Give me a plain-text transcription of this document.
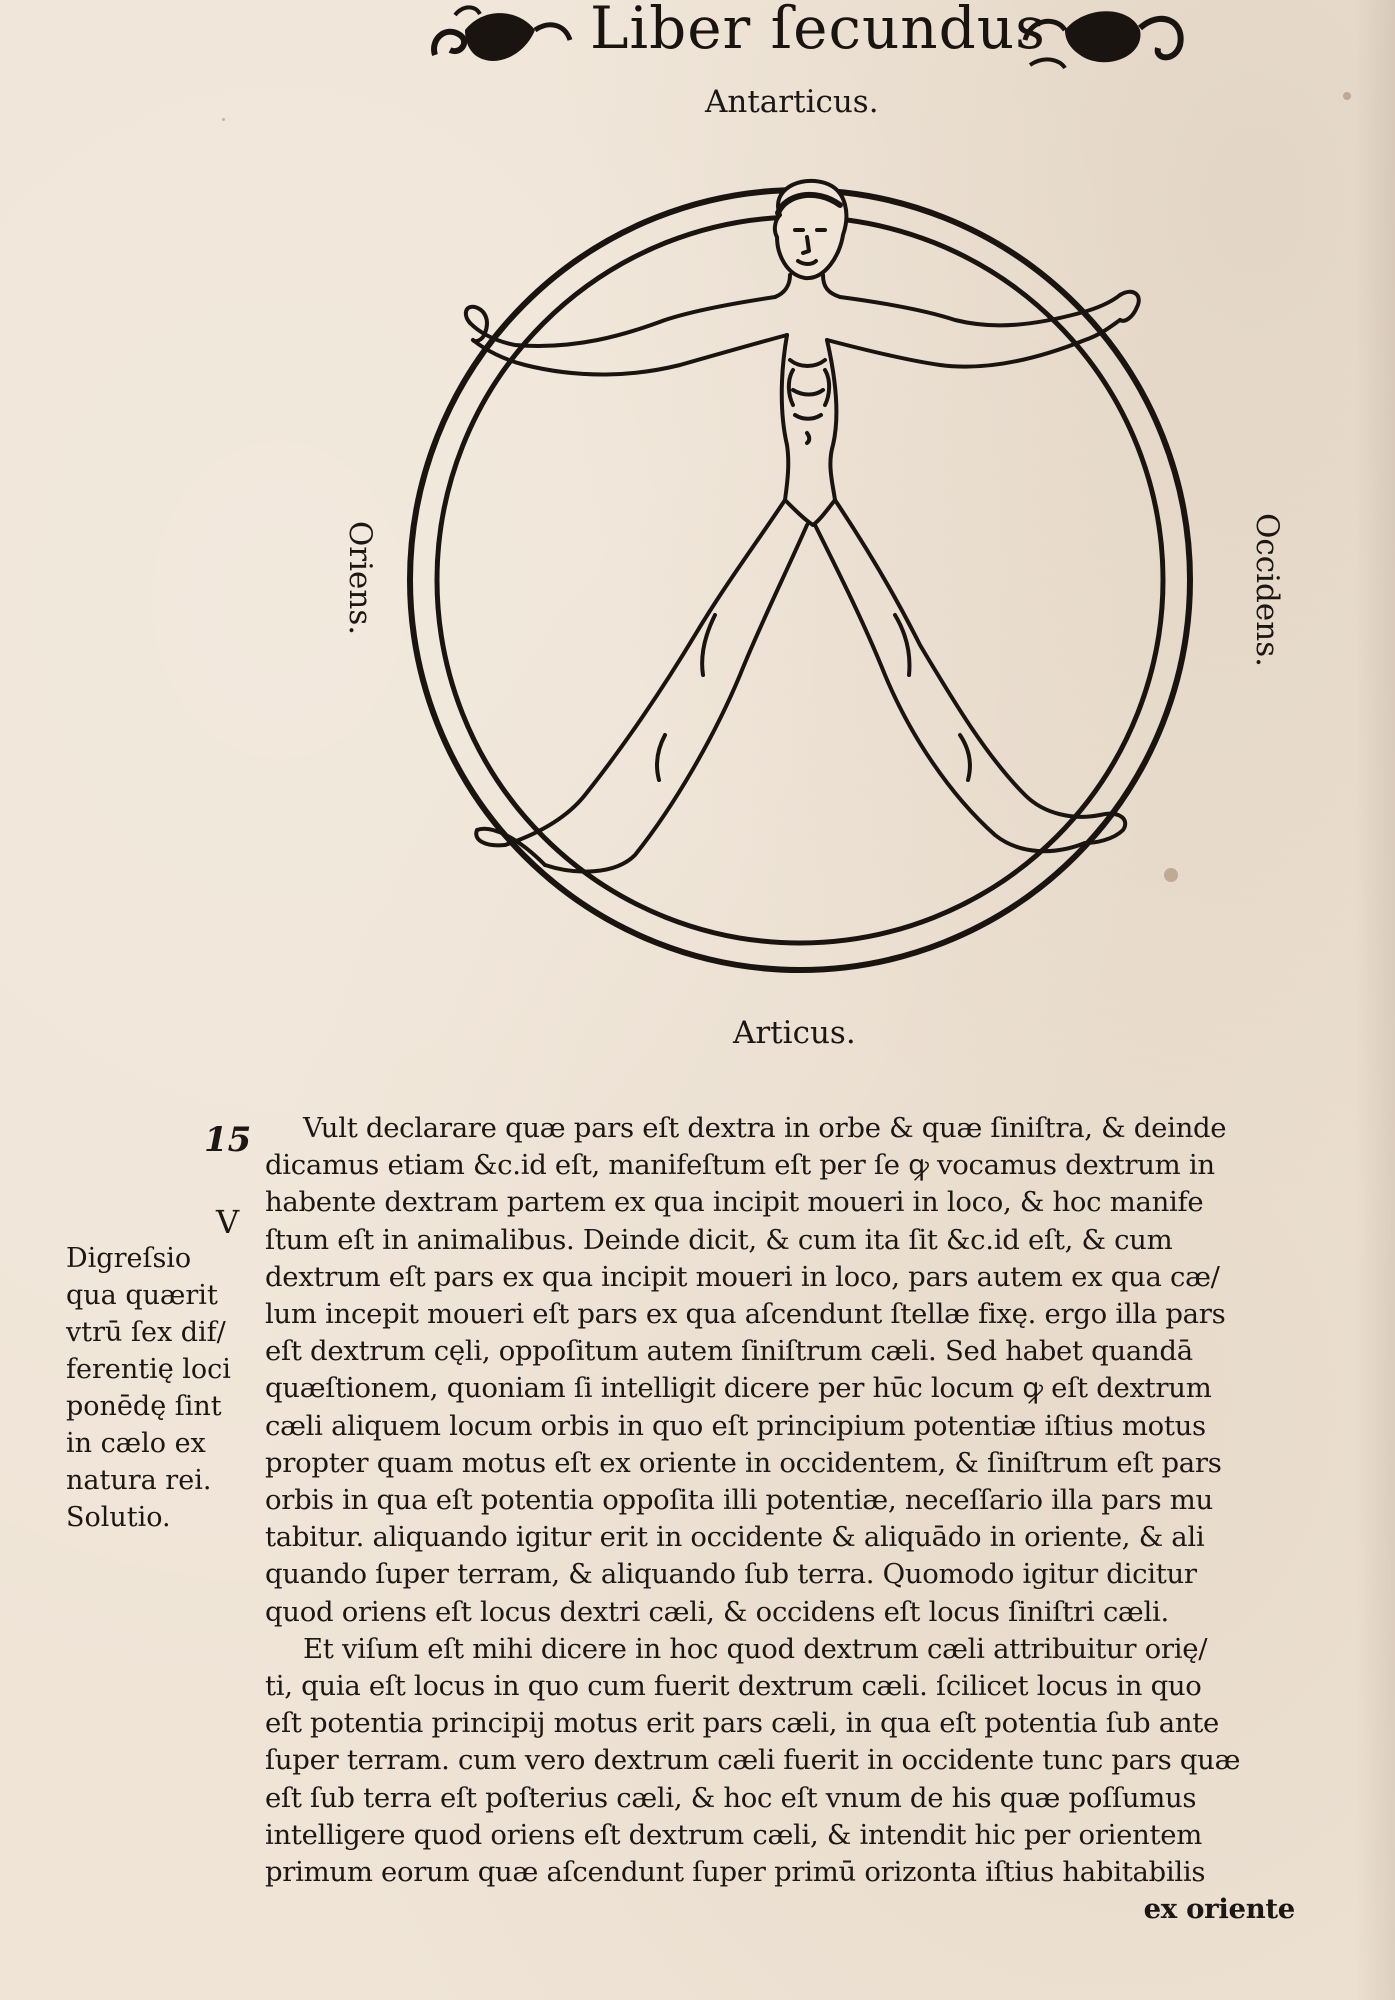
Liber ſecundus
Antarticus.
Oriens.	Occidens.
Articus.
15
V
Digreſsio
qua quærit
vtrū ſex dif/
ferentię loci
ponēdę ſint
in cælo ex
natura rei.
Solutio.
Vult declarare quæ pars eſt dextra in orbe & quæ ſiniſtra, & deinde
dicamus etiam &c.id eſt, manifeſtum eſt per ſe ꝙ vocamus dextrum in
habente dextram partem ex qua incipit moueri in loco, & hoc manife
ſtum eſt in animalibus. Deinde dicit, & cum ita ſit &c.id eſt, & cum
dextrum eſt pars ex qua incipit moueri in loco, pars autem ex qua cæ/
lum incepit moueri eſt pars ex qua aſcendunt ſtellæ fixę. ergo illa pars
eſt dextrum cęli, oppoſitum autem ſiniſtrum cæli. Sed habet quandā
quæſtionem, quoniam ſi intelligit dicere per hūc locum ꝙ eſt dextrum
cæli aliquem locum orbis in quo eſt principium potentiæ iſtius motus
propter quam motus eſt ex oriente in occidentem, & ſiniſtrum eſt pars
orbis in qua eſt potentia oppoſita illi potentiæ, neceſſario illa pars mu
tabitur. aliquando igitur erit in occidente & aliquādo in oriente, & ali
quando ſuper terram, & aliquando ſub terra. Quomodo igitur dicitur
quod oriens eſt locus dextri cæli, & occidens eſt locus ſiniſtri cæli.
Et viſum eſt mihi dicere in hoc quod dextrum cæli attribuitur orię/
ti, quia eſt locus in quo cum fuerit dextrum cæli. ſcilicet locus in quo
eſt potentia principij motus erit pars cæli, in qua eſt potentia ſub ante
ſuper terram. cum vero dextrum cæli fuerit in occidente tunc pars quæ
eſt ſub terra eſt poſterius cæli, & hoc eſt vnum de his quæ poſſumus
intelligere quod oriens eſt dextrum cæli, & intendit hic per orientem
primum eorum quæ aſcendunt ſuper primū orizonta iſtius habitabilis
ex oriente
